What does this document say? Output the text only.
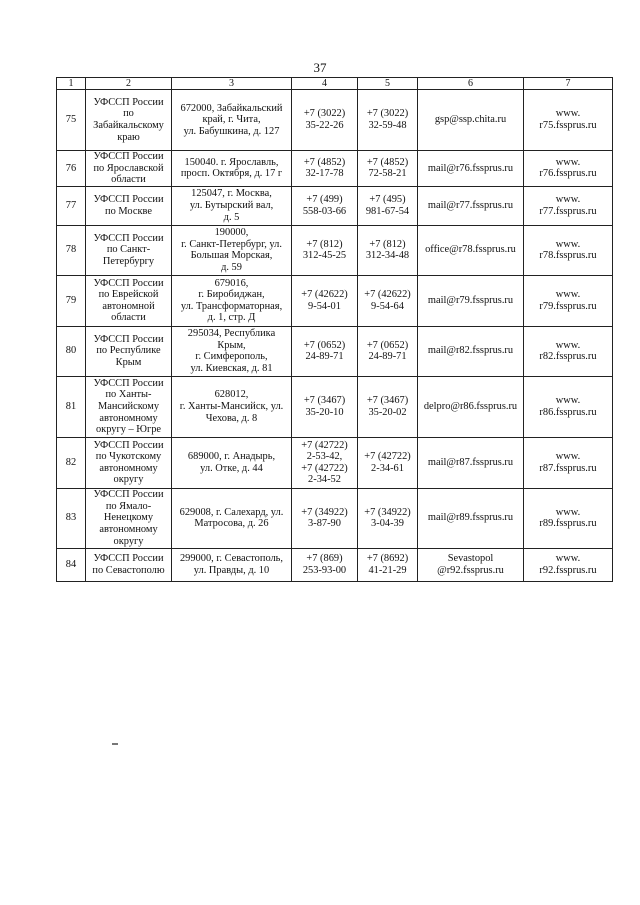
37
1	2	3	4	5	6	7
75	УФССП России
по
Забайкальскому
краю	672000, Забайкальский
край, г. Чита,
ул. Бабушкина, д. 127	+7 (3022)
35-22-26	+7 (3022)
32-59-48	gsp@ssp.chita.ru	www.
r75.fssprus.ru

76	УФССП России
по Ярославской
области	150040. г. Ярославль,
просп. Октября, д. 17 г	+7 (4852)
32-17-78	+7 (4852)
72-58-21	mail@r76.fssprus.ru	www.
r76.fssprus.ru

77	УФССП России
по Москве	125047, г. Москва,
ул. Бутырский вал,
д. 5	+7 (499)
558-03-66	+7 (495)
981-67-54	mail@r77.fssprus.ru	www.
r77.fssprus.ru

78	УФССП России
по Санкт-
Петербургу	190000,
г. Санкт-Петербург, ул.
Большая Морская,
д. 59	+7 (812)
312-45-25	+7 (812)
312-34-48	office@r78.fssprus.ru	www.
r78.fssprus.ru

79	УФССП России
по Еврейской
автономной
области	679016,
г. Биробиджан,
ул. Трансформаторная,
д. 1, стр. Д	+7 (42622)
9-54-01	+7 (42622)
9-54-64	mail@r79.fssprus.ru	www.
r79.fssprus.ru

80	УФССП России
по Республике
Крым	295034, Республика
Крым,
г. Симферополь,
ул. Киевская, д. 81	+7 (0652)
24-89-71	+7 (0652)
24-89-71	mail@r82.fssprus.ru	www.
r82.fssprus.ru

81	УФССП России
по Ханты-
Мансийскому
автономному
округу – Югре	628012,
г. Ханты-Мансийск, ул.
Чехова, д. 8	+7 (3467)
35-20-10	+7 (3467)
35-20-02	delpro@r86.fssprus.ru	www.
r86.fssprus.ru

82	УФССП России
по Чукотскому
автономному
округу	689000, г. Анадырь,
ул. Отке, д. 44	+7 (42722)
2-53-42,
+7 (42722)
2-34-52	+7 (42722)
2-34-61	mail@r87.fssprus.ru	www.
r87.fssprus.ru

83	УФССП России
по Ямало-
Ненецкому
автономному
округу	629008, г. Салехард, ул.
Матросова, д. 26	+7 (34922)
3-87-90	+7 (34922)
3-04-39	mail@r89.fssprus.ru	www.
r89.fssprus.ru

84	УФССП России
по Севастополю	299000, г. Севастополь,
ул. Правды, д. 10	+7 (869)
253-93-00	+7 (8692)
41-21-29	Sevastopol
@r92.fssprus.ru	www.
r92.fssprus.ru
